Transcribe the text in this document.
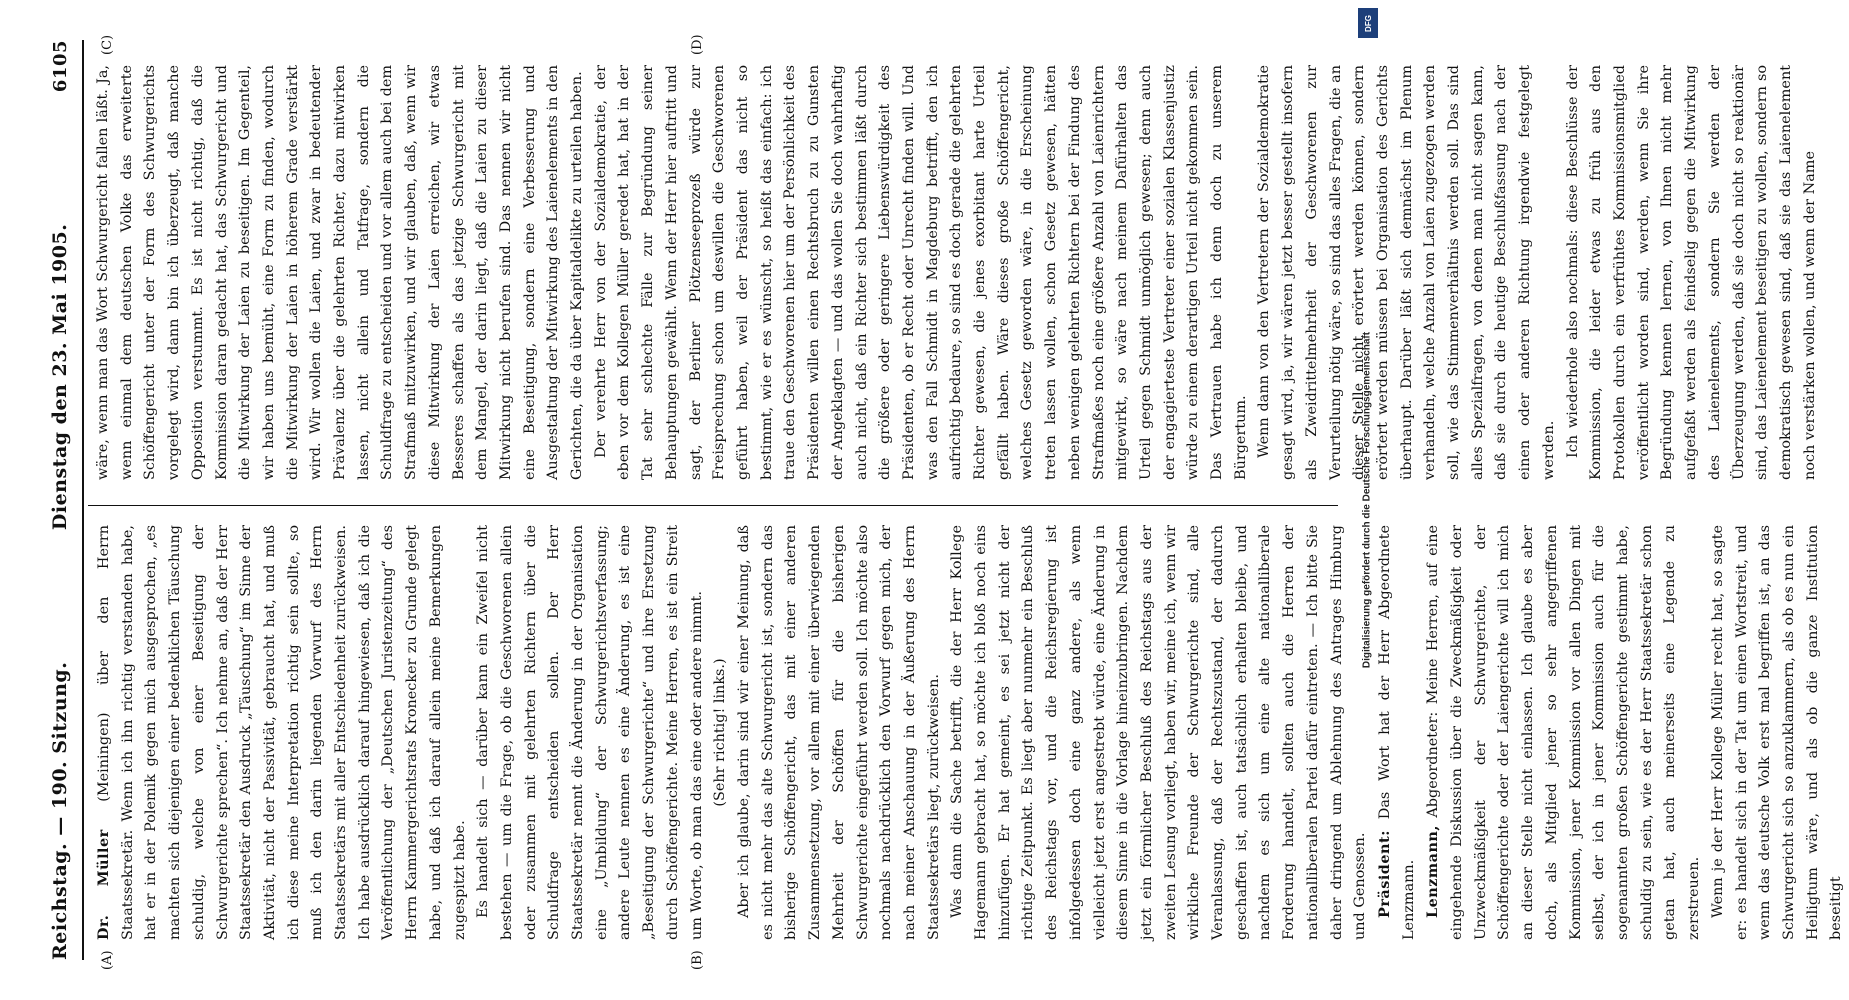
Reichstag. — 190. Sitzung.
Dienstag den 23. Mai 1905.
6105
(A)	(B)
(C)	(D)

Dr. Müller (Meiningen) über den Herrn Staatssekretär. Wenn ich ihn richtig verstanden habe, hat er in der Polemik gegen mich ausgesprochen, „es machten sich diejenigen einer bedenklichen Täuschung schuldig, welche von einer Beseitigung der Schwurgerichte sprechen“. Ich nehme an, daß der Herr Staatssekretär den Ausdruck „Täuschung“ im Sinne der Aktivität, nicht der Passivität, gebraucht hat, und muß ich diese meine Interpretation richtig sein sollte, so muß ich den darin liegenden Vorwurf des Herrn Staatssekretärs mit aller Entschiedenheit zurückweisen. Ich habe ausdrücklich darauf hingewiesen, daß ich die Veröffentlichung der „Deutschen Juristenzeitung“ des Herrn Kammergerichtsrats Kronecker zu Grunde gelegt habe, und daß ich darauf allein meine Bemerkungen zugespitzt habe. Es handelt sich — darüber kann ein Zweifel nicht bestehen — um die Frage, ob die Geschworenen allein oder zusammen mit gelehrten Richtern über die Schuldfrage entscheiden sollen. Der Herr Staatssekretär nennt die Änderung in der Organisation eine „Umbildung“ der Schwurgerichtsverfassung; andere Leute nennen es eine Änderung, es ist eine „Beseitigung der Schwurgerichte“ und ihre Ersetzung durch Schöffengerichte. Meine Herren, es ist ein Streit um Worte, ob man das eine oder andere nimmt. (Sehr richtig! links.) Aber ich glaube, darin sind wir einer Meinung, daß es nicht mehr das alte Schwurgericht ist, sondern das bisherige Schöffengericht, das mit einer anderen Zusammensetzung, vor allem mit einer überwiegenden Mehrheit der Schöffen für die bisherigen Schwurgerichte eingeführt werden soll. Ich möchte also nochmals nachdrücklich den Vorwurf gegen mich, der nach meiner Anschauung in der Äußerung des Herrn Staatssekretärs liegt, zurückweisen. Was dann die Sache betrifft, die der Herr Kollege Hagemann gebracht hat, so möchte ich bloß noch eins hinzufügen. Er hat gemeint, es sei jetzt nicht der richtige Zeitpunkt. Es liegt aber nunmehr ein Beschluß des Reichstags vor, und die Reichsregierung ist infolgedessen doch eine ganz andere, als wenn vielleicht jetzt erst angestrebt würde, eine Änderung in diesem Sinne in die Vorlage hineinzubringen. Nachdem jetzt ein förmlicher Beschluß des Reichstags aus der zweiten Lesung vorliegt, haben wir, meine ich, wenn wir wirkliche Freunde der Schwurgerichte sind, alle Veranlassung, daß der Rechtszustand, der dadurch geschaffen ist, auch tatsächlich erhalten bleibe, und nachdem es sich um eine alte nationalliberale Forderung handelt, sollten auch die Herren der nationalliberalen Partei dafür eintreten. — Ich bitte Sie daher dringend um Ablehnung des Antrages Himburg und Genossen. Präsident: Das Wort hat der Herr Abgeordnete Lenzmann. Lenzmann, Abgeordneter: Meine Herren, auf eine eingehende Diskussion über die Zweckmäßigkeit oder Unzweckmäßigkeit der Schwurgerichte, der Schöffengerichte oder der Laiengerichte will ich mich an dieser Stelle nicht einlassen. Ich glaube es aber doch, als Mitglied jener so sehr angegriffenen Kommission, jener Kommission vor allen Dingen mit selbst, der ich in jener Kommission auch für die sogenannten großen Schöffengerichte gestimmt habe, schuldig zu sein, wie es der Herr Staatssekretär schon getan hat, auch meinerseits eine Legende zu zerstreuen. Wenn je der Herr Kollege Müller recht hat, so sagte er: es handelt sich in der Tat um einen Wortstreit, und wenn das deutsche Volk erst mal begriffen ist, an das Schwurgericht sich so anzuklammern, als ob es nun ein Heiligtum wäre, und als ob die ganze Institution beseitigt

wäre, wenn man das Wort Schwurgericht fallen läßt. Ja, wenn einmal dem deutschen Volke das erweiterte Schöffengericht unter der Form des Schwurgerichts vorgelegt wird, dann bin ich überzeugt, daß manche Opposition verstummt. Es ist nicht richtig, daß die Kommission daran gedacht hat, das Schwurgericht und die Mitwirkung der Laien zu beseitigen. Im Gegenteil, wir haben uns bemüht, eine Form zu finden, wodurch die Mitwirkung der Laien in höherem Grade verstärkt wird. Wir wollen die Laien, und zwar in bedeutender Prävalenz über die gelehrten Richter, dazu mitwirken lassen, nicht allein und Tatfrage, sondern die Schuldfrage zu entscheiden und vor allem auch bei dem Strafmaß mitzuwirken, und wir glauben, daß, wenn wir diese Mitwirkung der Laien erreichen, wir etwas Besseres schaffen als das jetzige Schwurgericht mit dem Mangel, der darin liegt, daß die Laien zu dieser Mitwirkung nicht berufen sind. Das nennen wir nicht eine Beseitigung, sondern eine Verbesserung und Ausgestaltung der Mitwirkung des Laienelements in den Gerichten, die da über Kapitaldelikte zu urteilen haben. Der verehrte Herr von der Sozialdemokratie, der eben vor dem Kollegen Müller geredet hat, hat in der Tat sehr schlechte Fälle zur Begründung seiner Behauptungen gewählt. Wenn der Herr hier auftritt und sagt, der Berliner Plötzenseeprozeß würde zur Freisprechung schon um deswillen die Geschworenen geführt haben, weil der Präsident das nicht so bestimmt, wie er es wünscht, so heißt das einfach: ich traue den Geschworenen hier um der Persönlichkeit des Präsidenten willen einen Rechtsbruch zu zu Gunsten der Angeklagten — und das wollen Sie doch wahrhaftig auch nicht, daß ein Richter sich bestimmen läßt durch die größere oder geringere Liebenswürdigkeit des Präsidenten, ob er Recht oder Unrecht finden will. Und was den Fall Schmidt in Magdeburg betrifft, den ich aufrichtig bedaure, so sind es doch gerade die gelehrten Richter gewesen, die jenes exorbitant harte Urteil gefällt haben. Wäre dieses große Schöffengericht, welches Gesetz geworden wäre, in die Erscheinung treten lassen wollen, schon Gesetz gewesen, hätten neben wenigen gelehrten Richtern bei der Findung des Strafmaßes noch eine größere Anzahl von Laienrichtern mitgewirkt, so wäre nach meinem Dafürhalten das Urteil gegen Schmidt unmöglich gewesen; denn auch der engagierteste Vertreter einer sozialen Klassenjustiz würde zu einem derartigen Urteil nicht gekommen sein. Das Vertrauen habe ich denn doch zu unserem Bürgertum. Wenn dann von den Vertretern der Sozialdemokratie gesagt wird, ja, wir wären jetzt besser gestellt insofern als Zweidrittelmehrheit der Geschworenen zur Verurteilung nötig wäre, so sind das alles Fragen, die an dieser Stelle nicht erörtert werden können, sondern erörtert werden müssen bei Organisation des Gerichts überhaupt. Darüber läßt sich demnächst im Plenum verhandeln, welche Anzahl von Laien zugezogen werden soll, wie das Stimmenverhältnis werden soll. Das sind alles Spezialfragen, von denen man nicht sagen kann, daß sie durch die heutige Beschlußfassung nach der einen oder anderen Richtung irgendwie festgelegt werden. Ich wiederhole also nochmals: diese Beschlüsse der Kommission, die leider etwas zu früh aus den Protokollen durch ein verfrühtes Kommissionsmitglied veröffentlicht worden sind, werden, wenn Sie ihre Begründung kennen lernen, von Ihnen nicht mehr aufgefaßt werden als feindselig gegen die Mitwirkung des Laienelements, sondern Sie werden der Überzeugung werden, daß sie doch nicht so reaktionär sind, das Laienelement beseitigen zu wollen, sondern so demokratisch gewesen sind, daß sie das Laienelement noch verstärken wollen, und wenn der Name

DFG
Digitalisierung gefördert durch die Deutsche Forschungsgemeinschaft
